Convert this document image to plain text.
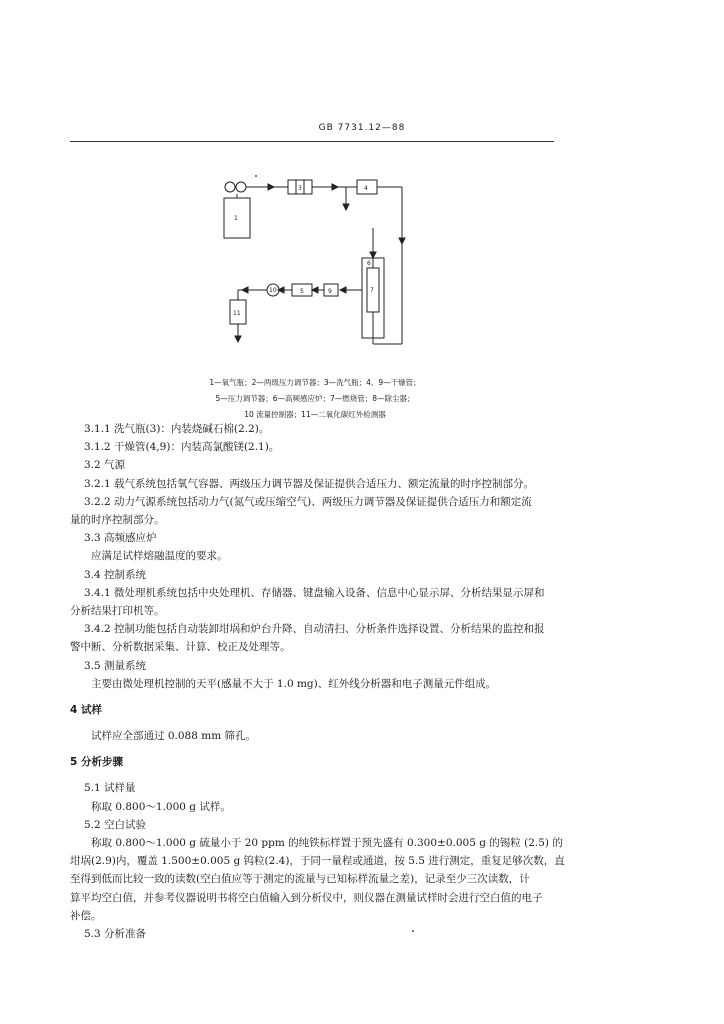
GB 7731.12—88
1
3	4
5
6
7
9
10
11
1—氧气瓶；2—两级压力调节器；3—洗气瓶；4、9—干燥管；
5—压力调节器；6—高频感应炉；7—燃烧管；8—除尘器；
10 流量控制器；11—二氧化碳红外检测器
3.1.1 洗气瓶(3)：内装烧碱石棉(2.2)。
3.1.2 干燥管(4,9)：内装高氯酸镁(2.1)。
3.2 气源
3.2.1 载气系统包括氧气容器、两级压力调节器及保证提供合适压力、额定流量的时序控制部分。
3.2.2 动力气源系统包括动力气(氮气或压缩空气)、两级压力调节器及保证提供合适压力和额定流
量的时序控制部分。
3.3 高频感应炉
应满足试样熔融温度的要求。
3.4 控制系统
3.4.1 微处理机系统包括中央处理机、存储器、键盘输入设备、信息中心显示屏、分析结果显示屏和
分析结果打印机等。
3.4.2 控制功能包括自动装卸坩埚和炉台升降、自动清扫、分析条件选择设置、分析结果的监控和报
警中断、分析数据采集、计算、校正及处理等。
3.5 测量系统
主要由微处理机控制的天平(感量不大于 1.0 mg)、红外线分析器和电子测量元件组成。
4 试样
试样应全部通过 0.088 mm 筛孔。
5 分析步骤
5.1 试样量
称取 0.800～1.000 g 试样。
5.2 空白试验
称取 0.800～1.000 g 硫量小于 20 ppm 的纯铁标样置于预先盛有 0.300±0.005 g 的锡粒 (2.5) 的
坩埚(2.9)内，覆盖 1.500±0.005 g 钨粒(2.4)，于同一量程或通道，按 5.5 进行测定，重复足够次数，直
至得到低而比较一致的读数(空白值应等于测定的流量与已知标样流量之差)，记录至少三次读数，计
算平均空白值，并参考仪器说明书将空白值输入到分析仪中，则仪器在测量试样时会进行空白值的电子
补偿。
5.3 分析准备
